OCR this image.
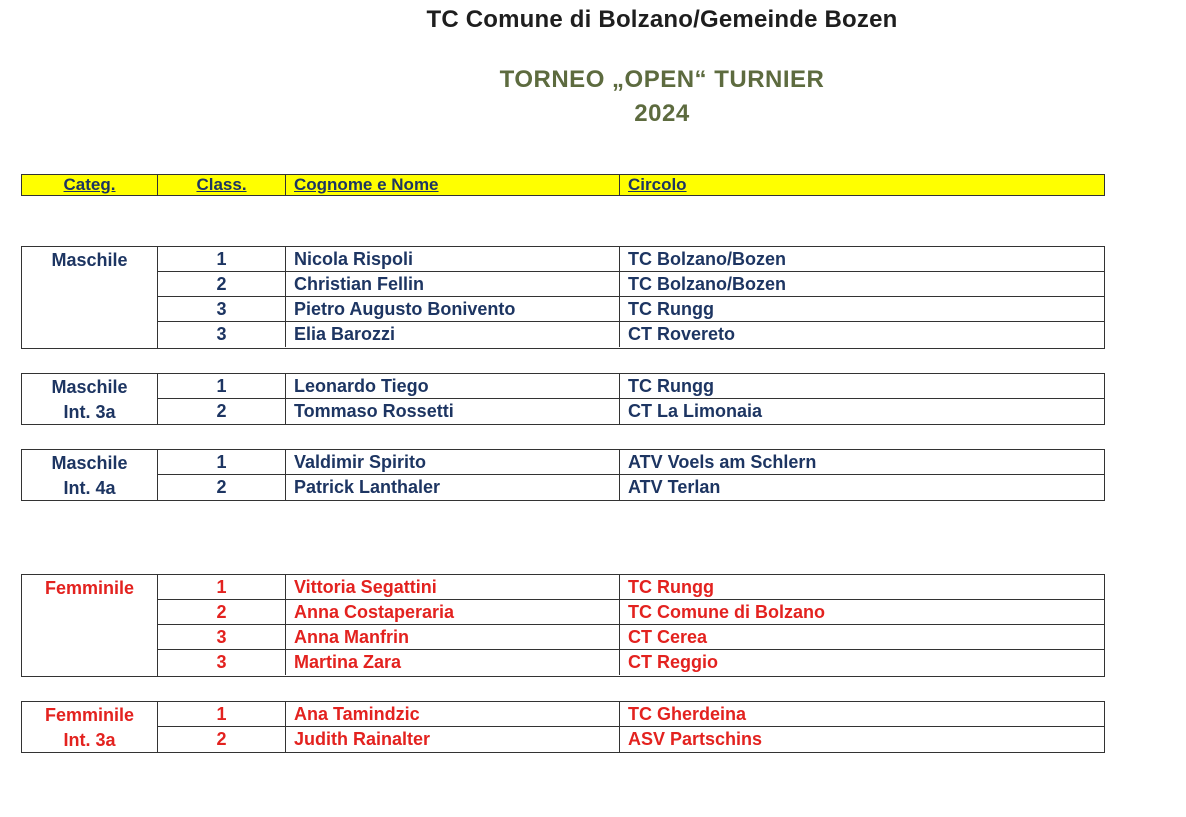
TC Comune di Bolzano/Gemeinde Bozen
TORNEO „OPEN“ TURNIER
2024
Categ.	Class.	Cognome e Nome	Circolo
Maschile	1	Nicola Rispoli	TC Bolzano/Bozen
2	Christian Fellin	TC Bolzano/Bozen
3	Pietro Augusto Bonivento	TC Rungg
3	Elia Barozzi	CT Rovereto
Maschile
Int. 3a
1	Leonardo Tiego	TC Rungg
2	Tommaso Rossetti	CT La Limonaia
Maschile
Int. 4a
1	Valdimir Spirito	ATV Voels am Schlern
2	Patrick Lanthaler	ATV Terlan
Femminile	1	Vittoria Segattini	TC Rungg
2	Anna Costaperaria	TC Comune di Bolzano
3	Anna Manfrin	CT Cerea
3	Martina Zara	CT Reggio
Femminile
Int. 3a
1	Ana Tamindzic	TC Gherdeina
2	Judith Rainalter	ASV Partschins
